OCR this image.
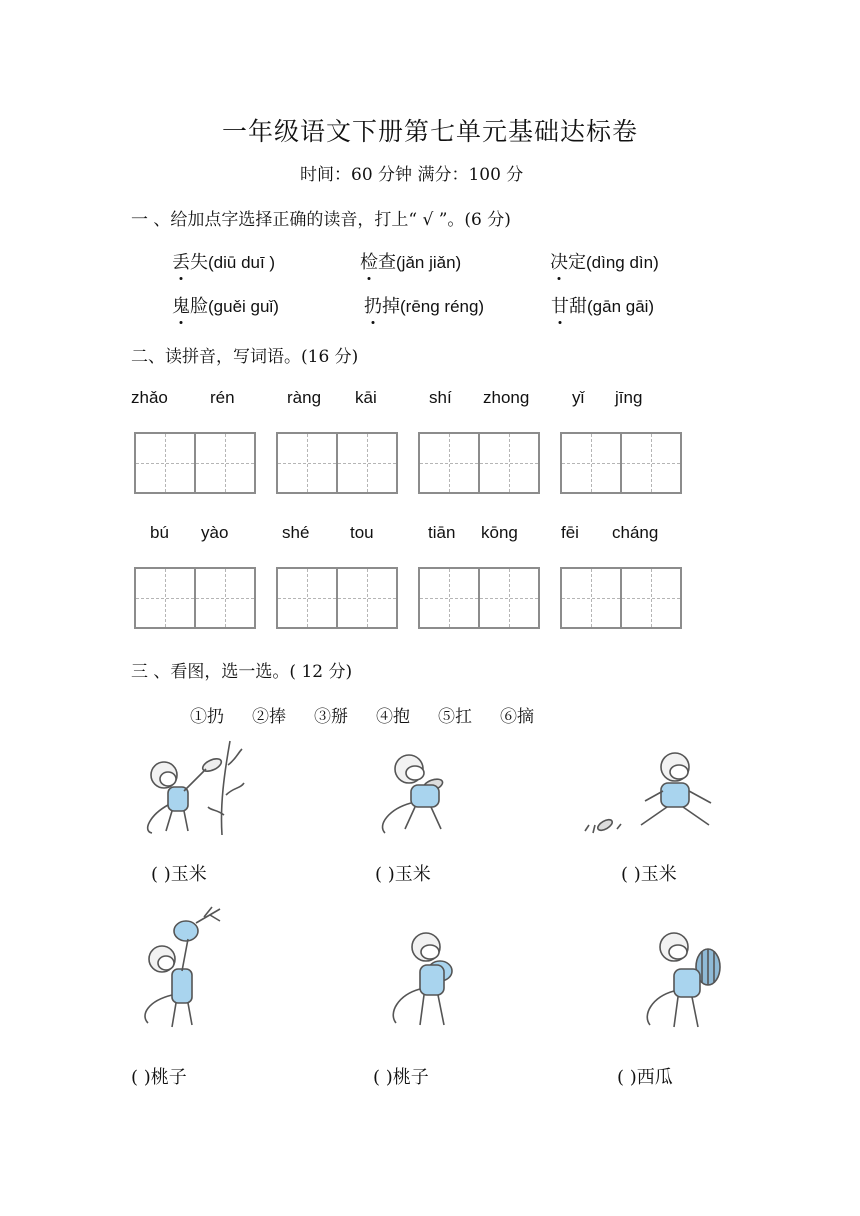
一年级语文下册第七单元基础达标卷
时间：60 分钟 满分：100 分
一 、给加点字选择正确的读音，打上“ √ ”。(6 分)
丢失(diū duī )	检查(jǎn jiǎn)	决定(dìng dìn)
鬼脸(guěi guǐ)	扔掉(rēng réng)	甘甜(gān gāi)
二、读拼音，写词语。(16 分)
zhǎo rén	ràng kāi	shí zhong	yǐ jīng
bú yào	shé tou	tiān kōng	fēi cháng
三 、看图，选一选。( 12 分)
①扔 ②捧 ③掰 ④抱 ⑤扛 ⑥摘
( )玉米	( )玉米	( )玉米
( )桃子	( )桃子	( )西瓜
